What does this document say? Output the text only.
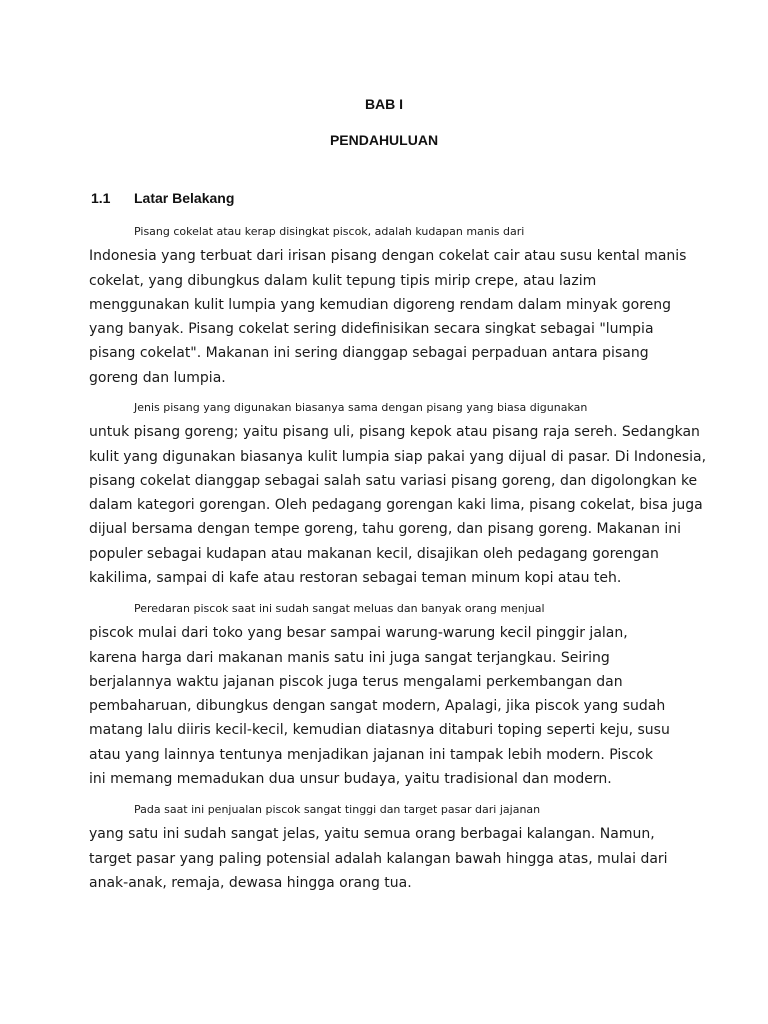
BAB I
PENDAHULUAN
1.1 Latar Belakang

Pisang cokelat atau kerap disingkat piscok, adalah kudapan manis dari
Indonesia yang terbuat dari irisan pisang dengan cokelat cair atau susu kental manis
cokelat, yang dibungkus dalam kulit tepung tipis mirip crepe, atau lazim
menggunakan kulit lumpia yang kemudian digoreng rendam dalam minyak goreng
yang banyak. Pisang cokelat sering didefinisikan secara singkat sebagai "lumpia
pisang cokelat". Makanan ini sering dianggap sebagai perpaduan antara pisang
goreng dan lumpia.

Jenis pisang yang digunakan biasanya sama dengan pisang yang biasa digunakan
untuk pisang goreng; yaitu pisang uli, pisang kepok atau pisang raja sereh. Sedangkan
kulit yang digunakan biasanya kulit lumpia siap pakai yang dijual di pasar. Di Indonesia,
pisang cokelat dianggap sebagai salah satu variasi pisang goreng, dan digolongkan ke
dalam kategori gorengan. Oleh pedagang gorengan kaki lima, pisang cokelat, bisa juga
dijual bersama dengan tempe goreng, tahu goreng, dan pisang goreng. Makanan ini
populer sebagai kudapan atau makanan kecil, disajikan oleh pedagang gorengan
kakilima, sampai di kafe atau restoran sebagai teman minum kopi atau teh.

Peredaran piscok saat ini sudah sangat meluas dan banyak orang menjual
piscok mulai dari toko yang besar sampai warung-warung kecil pinggir jalan,
karena harga dari makanan manis satu ini juga sangat terjangkau. Seiring
berjalannya waktu jajanan piscok juga terus mengalami perkembangan dan
pembaharuan, dibungkus dengan sangat modern, Apalagi, jika piscok yang sudah
matang lalu diiris kecil-kecil, kemudian diatasnya ditaburi toping seperti keju, susu
atau yang lainnya tentunya menjadikan jajanan ini tampak lebih modern. Piscok
ini memang memadukan dua unsur budaya, yaitu tradisional dan modern.

Pada saat ini penjualan piscok sangat tinggi dan target pasar dari jajanan
yang satu ini sudah sangat jelas, yaitu semua orang berbagai kalangan. Namun,
target pasar yang paling potensial adalah kalangan bawah hingga atas, mulai dari
anak-anak, remaja, dewasa hingga orang tua.
